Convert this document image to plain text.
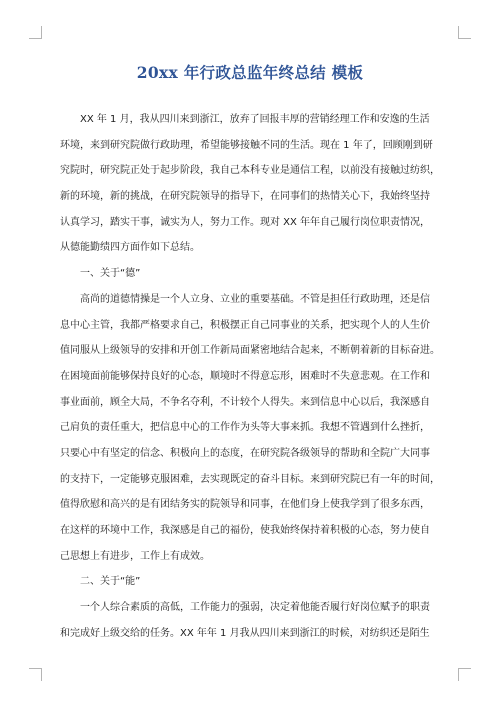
20xx 年行政总监年终总结 模板
XX 年 1 月，我从四川来到浙江，放弃了回报丰厚的营销经理工作和安逸的生活
环境，来到研究院做行政助理，希望能够接触不同的生活。现在 1 年了，回顾刚到研
究院时，研究院正处于起步阶段，我自己本科专业是通信工程，以前没有接触过纺织，
新的环境，新的挑战，在研究院领导的指导下，在同事们的热情关心下，我始终坚持
认真学习，踏实干事，诚实为人，努力工作。现对 XX 年年自己履行岗位职责情况，
从德能勤绩四方面作如下总结。
一、关于“德”
高尚的道德情操是一个人立身、立业的重要基础。不管是担任行政助理，还是信
息中心主管，我都严格要求自己，积极摆正自己同事业的关系，把实现个人的人生价
值同服从上级领导的安排和开创工作新局面紧密地结合起来，不断朝着新的目标奋进。
在困境面前能够保持良好的心态，顺境时不得意忘形，困难时不失意悲观。在工作和
事业面前，顾全大局，不争名夺利，不计较个人得失。来到信息中心以后，我深感自
己肩负的责任重大，把信息中心的工作作为头等大事来抓。我想不管遇到什么挫折，
只要心中有坚定的信念、积极向上的态度，在研究院各级领导的帮助和全院广大同事
的支持下，一定能够克服困难，去实现既定的奋斗目标。来到研究院已有一年的时间，
值得欣慰和高兴的是有团结务实的院领导和同事，在他们身上使我学到了很多东西，
在这样的环境中工作，我深感是自己的福份，使我始终保持着积极的心态，努力使自
己思想上有进步，工作上有成效。
二、关于“能”
一个人综合素质的高低，工作能力的强弱，决定着他能否履行好岗位赋予的职责
和完成好上级交给的任务。XX 年年 1 月我从四川来到浙江的时候，对纺织还是陌生
